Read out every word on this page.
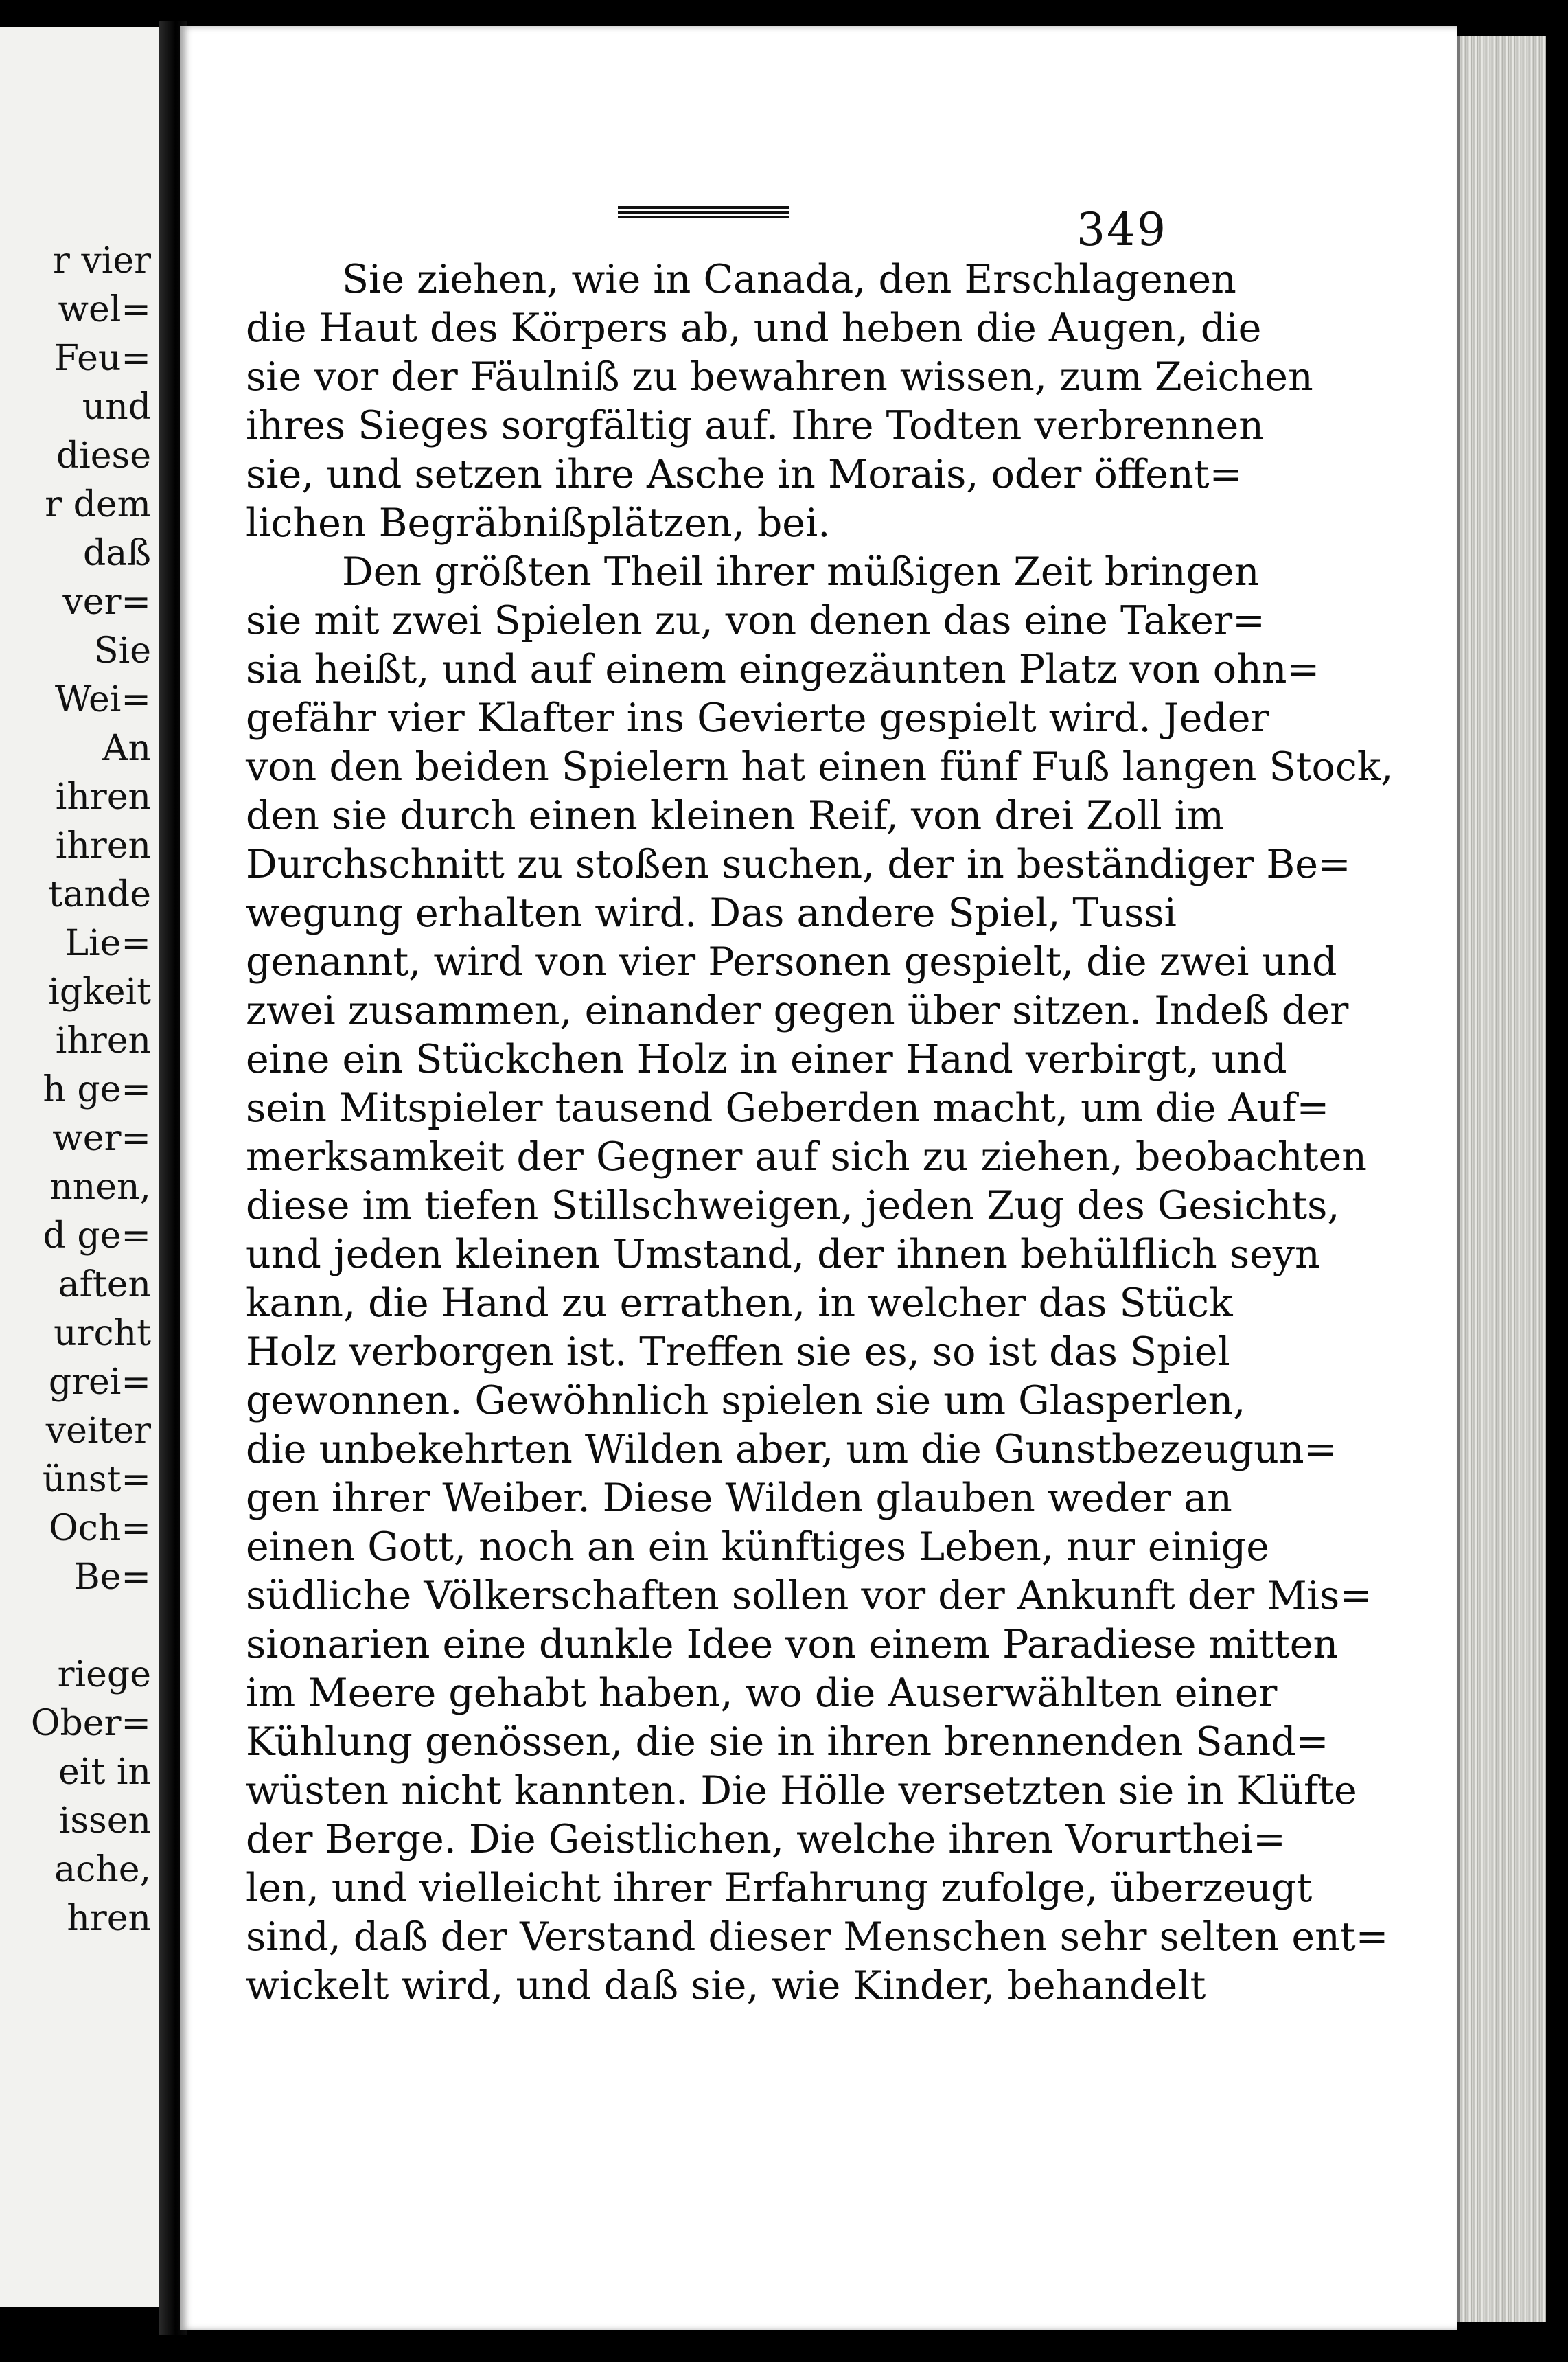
r vier
wel=
Feu=
und
diese
r dem
daß
ver=
Sie
Wei=
An
ihren
ihren
tande
Lie=
igkeit
ihren
h ge=
wer=
nnen,
d ge=
aften
urcht
grei=
veiter
ünst=
Och=
Be=
riege
Ober=
eit in
issen
ache,
hren
349
Sie ziehen, wie in Canada, den Erschlagenen
die Haut des Körpers ab, und heben die Augen, die
sie vor der Fäulniß zu bewahren wissen, zum Zeichen
ihres Sieges sorgfältig auf. Ihre Todten verbrennen
sie, und setzen ihre Asche in Morais, oder öffent=
lichen Begräbnißplätzen, bei.
Den größten Theil ihrer müßigen Zeit bringen
sie mit zwei Spielen zu, von denen das eine Taker=
sia heißt, und auf einem eingezäunten Platz von ohn=
gefähr vier Klafter ins Gevierte gespielt wird. Jeder
von den beiden Spielern hat einen fünf Fuß langen Stock,
den sie durch einen kleinen Reif, von drei Zoll im
Durchschnitt zu stoßen suchen, der in beständiger Be=
wegung erhalten wird. Das andere Spiel, Tussi
genannt, wird von vier Personen gespielt, die zwei und
zwei zusammen, einander gegen über sitzen. Indeß der
eine ein Stückchen Holz in einer Hand verbirgt, und
sein Mitspieler tausend Geberden macht, um die Auf=
merksamkeit der Gegner auf sich zu ziehen, beobachten
diese im tiefen Stillschweigen, jeden Zug des Gesichts,
und jeden kleinen Umstand, der ihnen behülflich seyn
kann, die Hand zu errathen, in welcher das Stück
Holz verborgen ist. Treffen sie es, so ist das Spiel
gewonnen. Gewöhnlich spielen sie um Glasperlen,
die unbekehrten Wilden aber, um die Gunstbezeugun=
gen ihrer Weiber. Diese Wilden glauben weder an
einen Gott, noch an ein künftiges Leben, nur einige
südliche Völkerschaften sollen vor der Ankunft der Mis=
sionarien eine dunkle Idee von einem Paradiese mitten
im Meere gehabt haben, wo die Auserwählten einer
Kühlung genössen, die sie in ihren brennenden Sand=
wüsten nicht kannten. Die Hölle versetzten sie in Klüfte
der Berge. Die Geistlichen, welche ihren Vorurthei=
len, und vielleicht ihrer Erfahrung zufolge, überzeugt
sind, daß der Verstand dieser Menschen sehr selten ent=
wickelt wird, und daß sie, wie Kinder, behandelt
